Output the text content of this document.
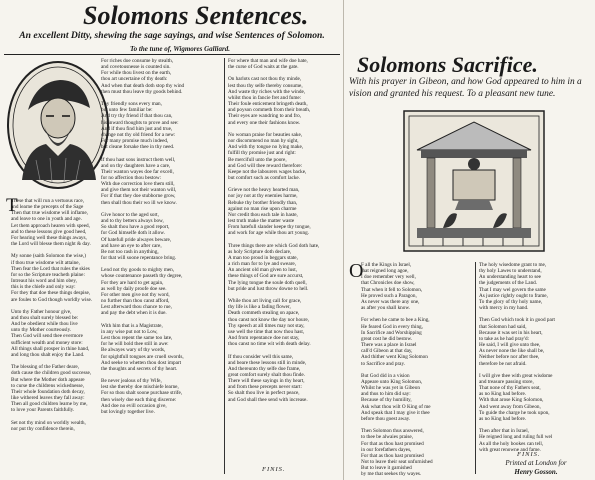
Solomons Sentences.
An excellent Ditty, shewing the sage sayings, and wise Sentences of Solomon.
To the tune of, Wigmores Galliard.
T
These that will run a vertuous race,
and learne the precepts of the Sage
Then that true wisdome will inflame,
and leave to one in youth and age.
Let them approach hearen with speed,
and to these lessons give good heed,
For hearing well these things aways,
the Lord will blesse them night & day.

My sonne (saith Solomon the wise,)
if thou true wisdome wilt attaine,
Then fear the Lord that rules the skies
for so the Scripture teacheth plaine:
Intreaut his word and him obey,
this is the chiefe and only way:
For they that doe these things despise,
are foules to God though worldly wise.

Unto thy Father honour give,
and thou shalt surely blessed be:
And be obedient while thou live
unto thy Mother courteously.
Then God will send thee evermore
sufficient wealth and money store:
All things shall prosper in thine hand,
and long thou shalt enjoy the Land.

The blessing of the Father deare,
doth cause the children good successe,
But where the Mother doth appeare
to curse the childrens wickednesse,
Their whole foundation doth decay,
like withered leaves they fall away:
Then all good children learne by me,
to love your Parents faithfully.

Set not thy mind on worldly wealth,
nor put thy confidence therein,
For riches doe consume by stealth,
and covetousnesse is counted sin.
For while thou livest on the earth,
thou art uncertaine of thy death:
And when that death doth stop thy wind
then must thou leave thy goods behind.

Thy friendly sons every man,
but unto few familiar be:
And try thy friend if that thou can,
his inward thoughts to prove and see:
And if thou find him just and true,
change not thy old friend for a new:
For many promise much indeed,
but cleane forsake thee in thy need.

If thou hast sons instruct them well,
and on thy daughters have a care,
Their wanton wayes doe far excell,
for no affection thou bestow:
With due correction love them still,
and give them not their wanton will,
For if that they doe stubborne grow,
then shall thou their wo ill we know.

Give honor to the aged sort,
and to thy betters always bow,
So shalt thou have a good report,
for God himselfe doth it allow.
Of hatefull pride alwayes beware,
and have an eye to after care,
Be not too rash in anything,
for that will soone repentance bring.

Lend not thy goods to mighty men,
whose countenance passeth thy degree,
For they are hard to get again,
as well by daily proofe doe see.
For other men give not thy word,
no further than thou canst afford,
Lest afterward thou chance to rue,
and pay the debt when it is due.

With him that is a Magistrate,
in any wise put not to Low,
Lest thou repent the same too late,
for he will bold thee still in awe:
Be alwayes wary of thy words,
for spightfull tongues are cruell swords,
And seeke to whetten thou dost impart
the thoughts and secrets of thy heart.

Be never jealous of thy Wife,
lest she thereby doe mischiefe learne,
For so thou shalt soone purchase strife,
then wisely doe each thing discerne:
And doe no evill occasion give,
but lovingly together live.
For where that man and wife doe hate,
the curse of God waits at the gate.

On harlots cast not thou thy minde,
lest thou thy selfe thereby consume,
And waste thy riches with the winde,
whilst thou in fancie fret and fume:
Their foule enticement bringeth death,
and poyson commeth from their breath,
Their eyes are wandring to and fro,
and every one their fashions know.

No woman praise for beauties sake,
nor discommend no man by sight,
And with thy tongue no lying make,
fulfill thy promise just and right:
Be mercifull unto the poore,
and God will thee reward therefore:
Keepe not the labourers wages backe,
but comfort such as comfort lacke.

Grieve not the heavy hearted man,
nor joy not at thy enemies harme,
Rebuke thy brother friendly than,
against no man rise upon charme
Nor credit thou each tale in haste,
lest truth make the matter waste
From hatefull slander keepe thy tongue,
and work for age while thou art young.

Three things there are which God doth hate,
as holy Scripture doth declare,
A man too proud in beggars state,
a rich man for to lye and sweare,
An ancient old man given to lust,
these things of God are sure accurst,
The lying tongue the soule doth quell,
but pride and lust throw downe to hell.

While thou art living call for grace,
thy life is like a fading flower,
Death commeth stealing on apace,
thou canst not know the day nor houre,
Thy speech at all times may not stay,
use well the time that now thou hast,
And from repentance doe not stay,
thou canst no time wit with death delay.

If thou consider well this same,
and beare these lessons still in minde,
And thereunto thy selfe doe frame,
great comfort surely shalt thou finde.
There will these sayings in thy heart,
and from these precepts never start:
So shalt thou live in perfect peace,
and God shall thee send with increase.
FINIS.
Solomons Sacrifice.
With his prayer in Gibeon, and how God appeared to him in a vision and granted his request. To a pleasant new tune.
O
F all the Kings in Israel,
that reigned long agoe,
I doe remember very well,
that Chronicles doe show,
That when it fell to Solomon,
He proved such a Paragon,
As never was there any one,
as after you shall know.

For when he came to bee a King,
He feared God in every thing,
In Sacrifice and Worshipping
great cost he did bestow.
There was a place in Israel
call'd Gibeon at that day,
And thither went King Solomon
to Sacrifice and pray.

But God did in a vision
Appeare unto King Solomon,
Whilst he was yet in Gibeon
and thus to him did say:
Because of thy humility,
Ask what thou wilt O King of me
And speak that I may give it thee
before thou goest away.

Then Solomon thus answered,
to thee be alwaies praise,
For that as thou hast promised
in our forefathers dayes,
For that as thou hast promised
Not to leave their seat unfurnished
But to leave it garnished
by me that seekes thy wayes.
The holy wisedome grant to me,
thy holy Lawes to understand,
An understanding heart to see
the judgements of the Land.
That I may wel govern the same
As justice rightly ought to frame,
To the glory of thy holy name,
with mercy in my hand.

Then God which took it in good part
that Solomon had said,
Because it was set in his heart,
to take as he had pray'd:
He said, I will give unto thee,
As never none the like shall be,
Neither before nor after thee,
therefore be not afraid.

I will give thee with great wisdome
and treasure passing store,
That none of thy Fathers seat,
as no King had before.
With that arose King Solomon,
And went away from Gibeon,
To guide the charge he took upon,
as no King had before.

Then after that in Israel,
He reigned long and ruling full wel
As all the holy bookes can tell,
with great renowne and fame.
FINIS.
Printed at London for
Henry Gosson.
